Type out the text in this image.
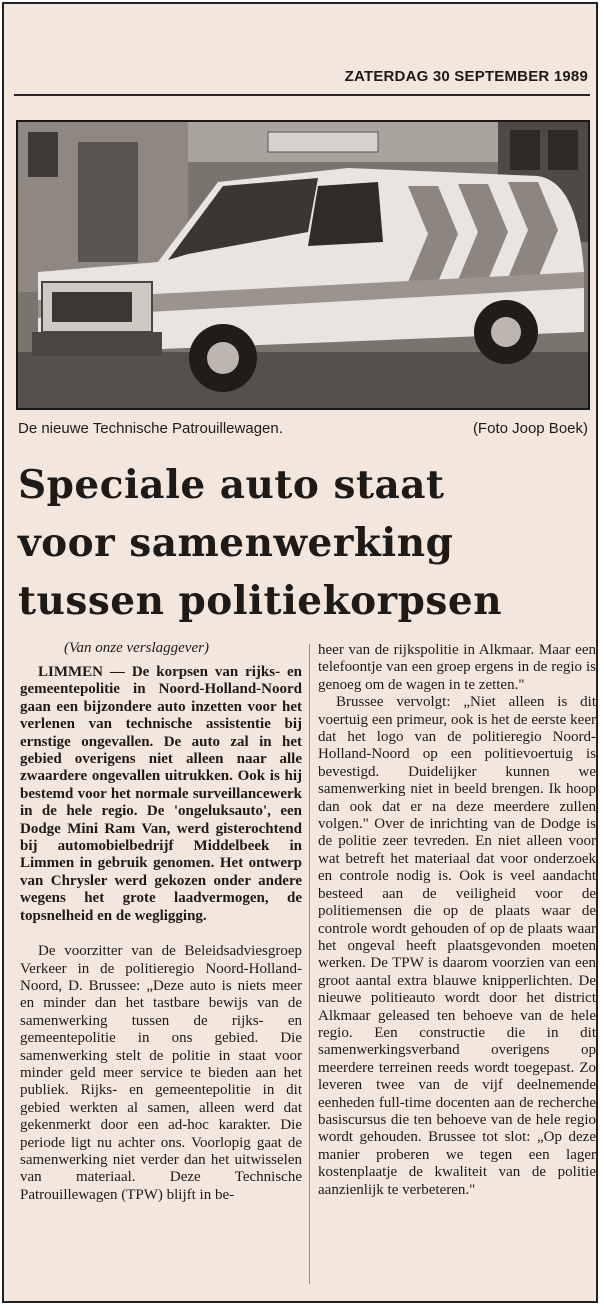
ZATERDAG 30 SEPTEMBER 1989
De nieuwe Technische Patrouillewagen.	(Foto Joop Boek)
Speciale auto staat
voor samenwerking
tussen politiekorpsen
(Van onze verslaggever)

LIMMEN — De korpsen van rijks- en gemeentepolitie in Noord-Holland-Noord gaan een bijzondere auto inzetten voor het verlenen van technische assistentie bij ernstige ongevallen. De auto zal in het gebied overigens niet alleen naar alle zwaardere ongevallen uitrukken. Ook is hij bestemd voor het normale surveillancewerk in de hele regio. De 'ongeluksauto', een Dodge Mini Ram Van, werd gisterochtend bij automobielbedrijf Middelbeek in Limmen in gebruik genomen. Het ontwerp van Chrysler werd gekozen onder andere wegens het grote laadvermogen, de topsnelheid en de wegligging.

De voorzitter van de Beleidsadviesgroep Verkeer in de politieregio Noord-Holland-Noord, D. Brussee: „Deze auto is niets meer en minder dan het tastbare bewijs van de samenwerking tussen de rijks- en gemeentepolitie in ons gebied. Die samenwerking stelt de politie in staat voor minder geld meer service te bieden aan het publiek. Rijks- en gemeentepolitie in dit gebied werkten al samen, alleen werd dat gekenmerkt door een ad-hoc karakter. Die periode ligt nu achter ons. Voorlopig gaat de samenwerking niet verder dan het uitwisselen van materiaal. Deze Technische Patrouillewagen (TPW) blijft in be-

heer van de rijkspolitie in Alkmaar. Maar een telefoontje van een groep ergens in de regio is genoeg om de wagen in te zetten."

Brussee vervolgt: „Niet alleen is dit voertuig een primeur, ook is het de eerste keer dat het logo van de politieregio Noord-Holland-Noord op een politievoertuig is bevestigd. Duidelijker kunnen we samenwerking niet in beeld brengen. Ik hoop dan ook dat er na deze meerdere zullen volgen." Over de inrichting van de Dodge is de politie zeer tevreden. En niet alleen voor wat betreft het materiaal dat voor onderzoek en controle nodig is. Ook is veel aandacht besteed aan de veiligheid voor de politiemensen die op de plaats waar de controle wordt gehouden of op de plaats waar het ongeval heeft plaatsgevonden moeten werken. De TPW is daarom voorzien van een groot aantal extra blauwe knipperlichten. De nieuwe politieauto wordt door het district Alkmaar geleased ten behoeve van de hele regio. Een constructie die in dit samenwerkingsverband overigens op meerdere terreinen reeds wordt toegepast. Zo leveren twee van de vijf deelnemende eenheden full-time docenten aan de recherche basiscursus die ten behoeve van de hele regio wordt gehouden. Brussee tot slot: „Op deze manier proberen we tegen een lager kostenplaatje de kwaliteit van de politie aanzienlijk te verbeteren."
